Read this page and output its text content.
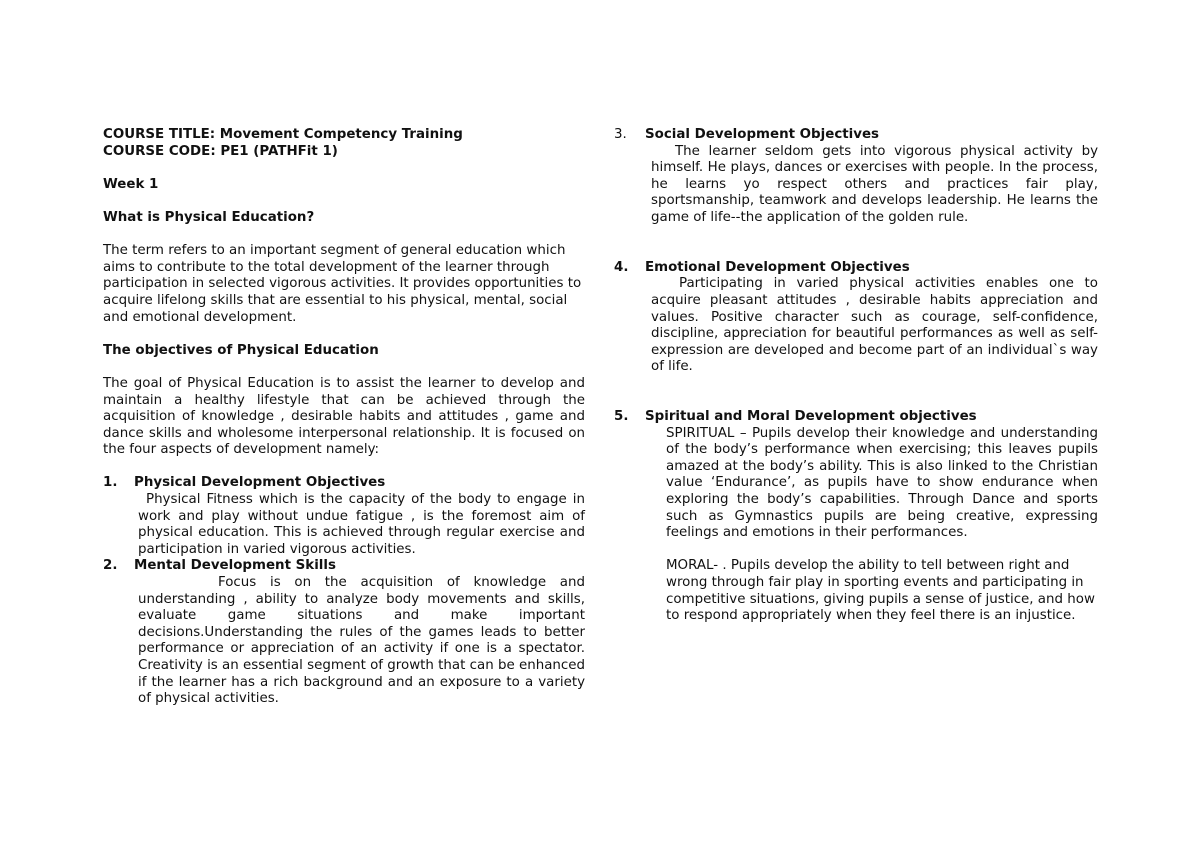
COURSE TITLE: Movement Competency Training

COURSE CODE: PE1 (PATHFit 1)

Week 1

What is Physical Education?

The term refers to an important segment of general education which aims to contribute to the total development of the learner through participation in selected vigorous activities. It provides opportunities to acquire lifelong skills that are essential to his physical, mental, social and emotional development.

The objectives of Physical Education

The goal of Physical Education is to assist the learner to develop and maintain a healthy lifestyle that can be achieved through the acquisition of knowledge , desirable habits and attitudes , game and dance skills and wholesome interpersonal relationship. It is focused on the four aspects of development namely:

1. Physical Development Objectives

Physical Fitness which is the capacity of the body to engage in work and play without undue fatigue , is the foremost aim of physical education. This is achieved through regular exercise and participation in varied vigorous activities.

2. Mental Development Skills

Focus is on the acquisition of knowledge and understanding , ability to analyze body movements and skills, evaluate game situations and make important decisions.Understanding the rules of the games leads to better performance or appreciation of an activity if one is a spectator. Creativity is an essential segment of growth that can be enhanced if the learner has a rich background and an exposure to a variety of physical activities.

3. Social Development Objectives

The learner seldom gets into vigorous physical activity by himself. He plays, dances or exercises with people. In the process, he learns yo respect others and practices fair play, sportsmanship, teamwork and develops leadership. He learns the game of life--the application of the golden rule.

4. Emotional Development Objectives

Participating in varied physical activities enables one to acquire pleasant attitudes , desirable habits appreciation and values. Positive character such as courage, self-confidence, discipline, appreciation for beautiful performances as well as self- expression are developed and become part of an individual`s way of life.

5. Spiritual and Moral Development objectives

SPIRITUAL – Pupils develop their knowledge and understanding of the body’s performance when exercising; this leaves pupils amazed at the body’s ability. This is also linked to the Christian value ‘Endurance’, as pupils have to show endurance when exploring the body’s capabilities. Through Dance and sports such as Gymnastics pupils are being creative, expressing feelings and emotions in their performances.

MORAL- . Pupils develop the ability to tell between right and wrong through fair play in sporting events and participating in competitive situations, giving pupils a sense of justice, and how to respond appropriately when they feel there is an injustice.
